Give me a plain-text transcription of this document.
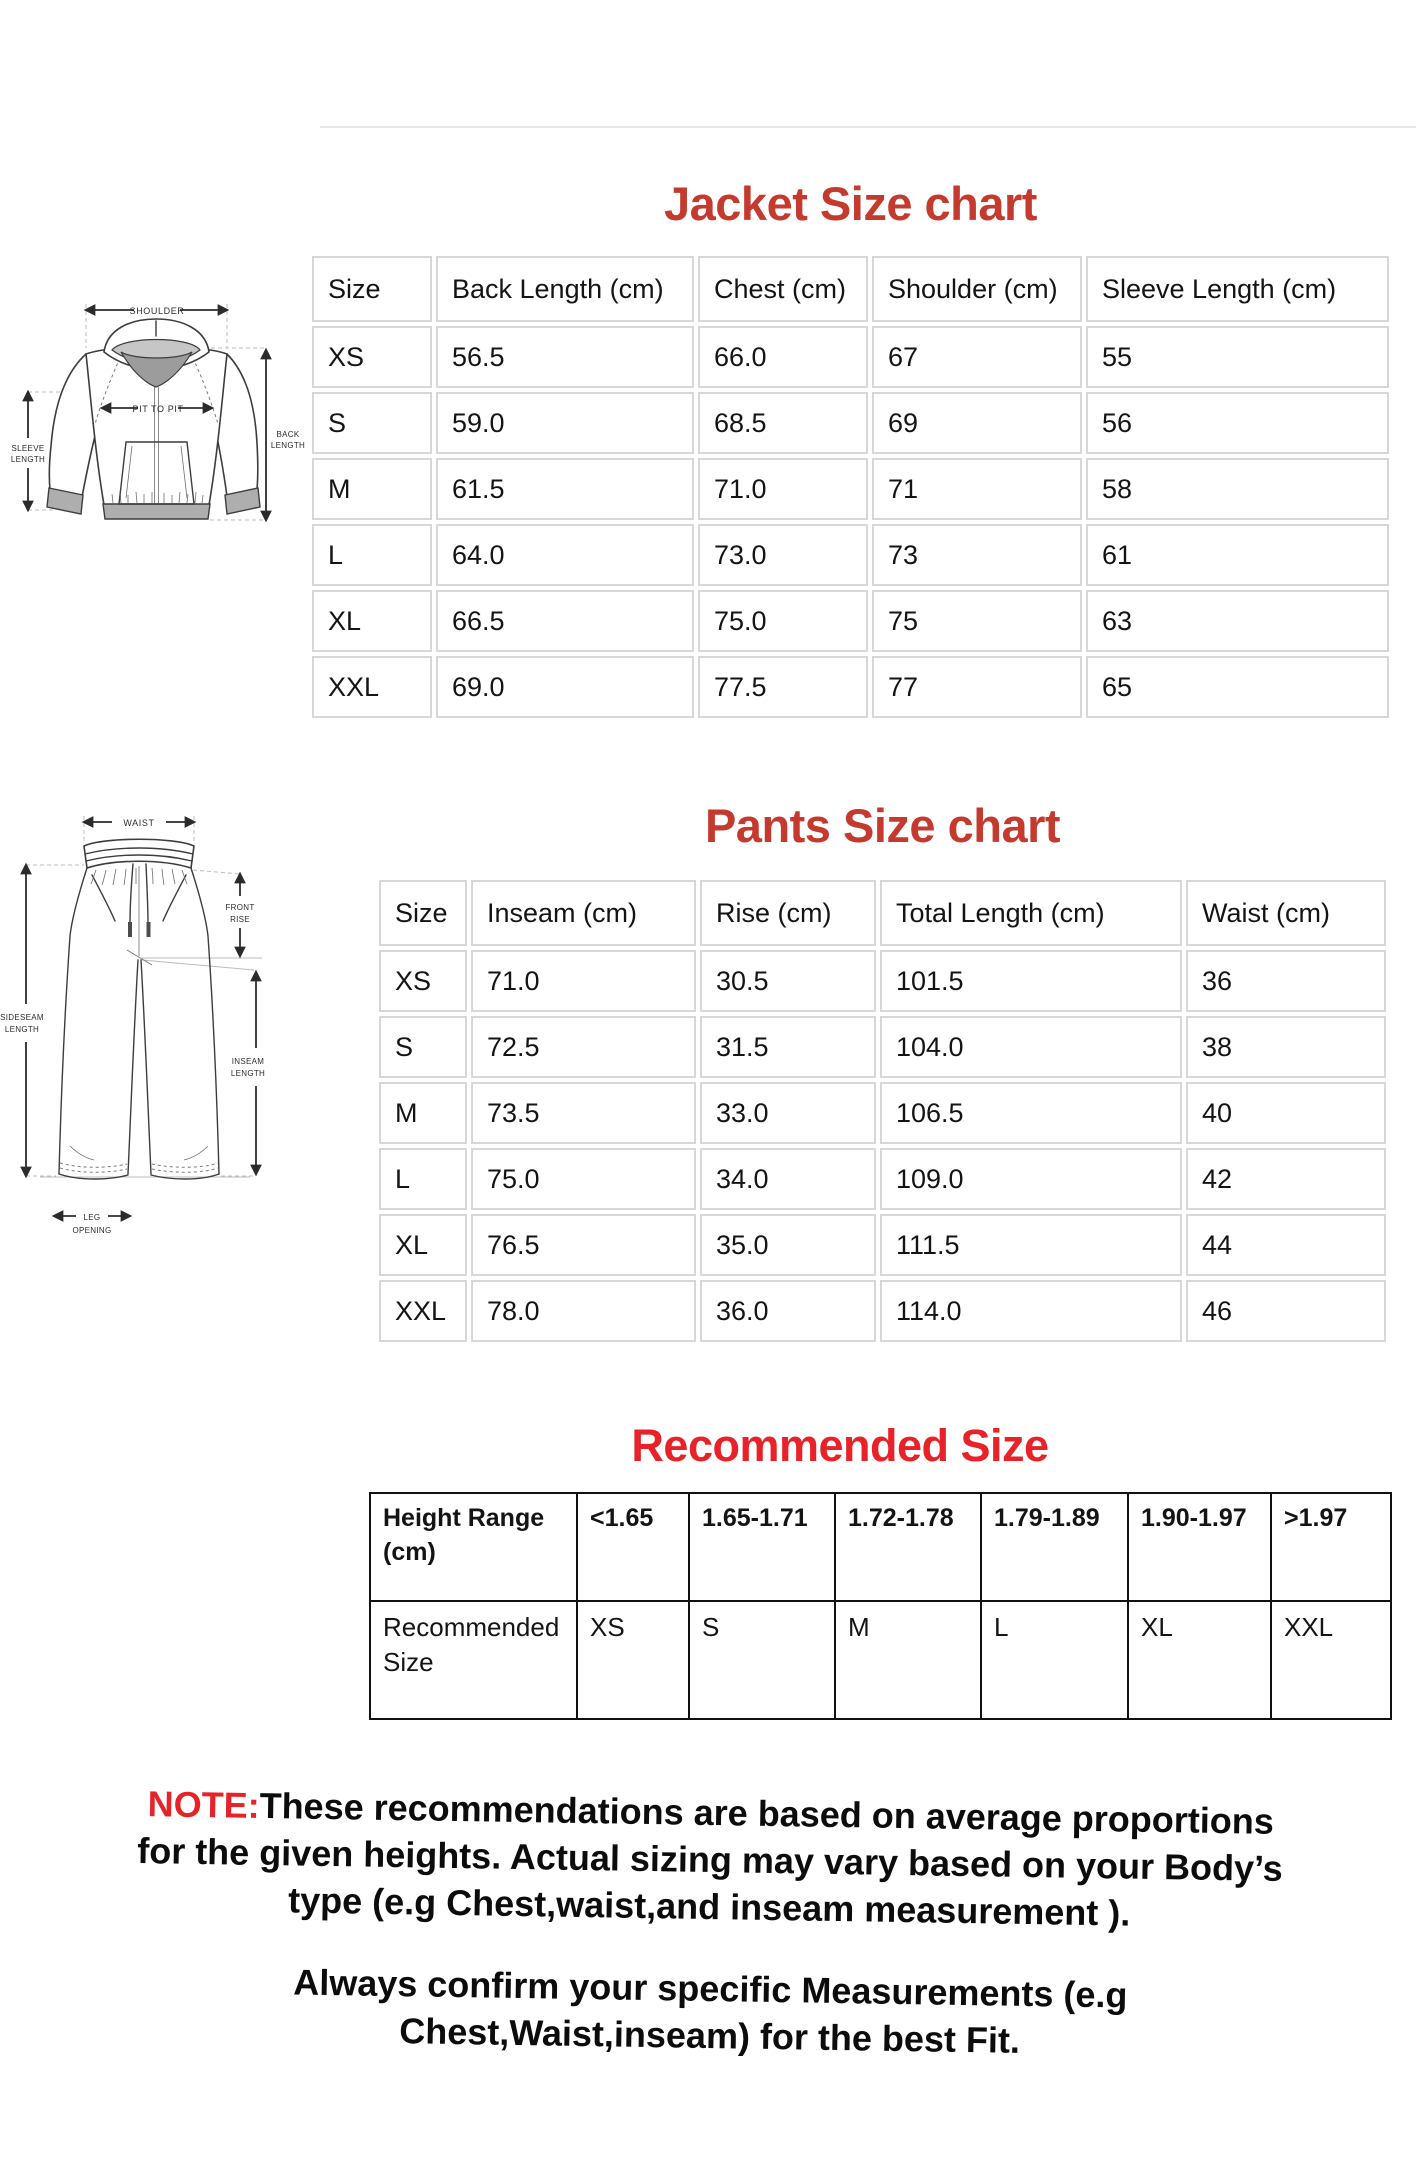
Jacket Size chart
SHOULDER
PIT TO PIT
SLEEVE
LENGTH
BACK
LENGTH
Size	Back Length (cm)	Chest (cm)	Shoulder (cm)	Sleeve Length (cm)
XS	56.5	66.0	67	55
S	59.0	68.5	69	56
M	61.5	71.0	71	58
L	64.0	73.0	73	61
XL	66.5	75.0	75	63
XXL	69.0	77.5	77	65
Pants Size chart
WAIST
SIDESEAM
LENGTH
FRONT
RISE
INSEAM
LENGTH
LEG
OPENING
Size	Inseam (cm)	Rise (cm)	Total Length (cm)	Waist (cm)
XS	71.0	30.5	101.5	36
S	72.5	31.5	104.0	38
M	73.5	33.0	106.5	40
L	75.0	34.0	109.0	42
XL	76.5	35.0	111.5	44
XXL	78.0	36.0	114.0	46
Recommended Size
Height Range (cm)	<1.65	1.65-1.71	1.72-1.78	1.79-1.89	1.90-1.97	>1.97
Recommended Size	XS	S	M	L	XL	XXL
NOTE:These recommendations are based on average proportions
for the given heights. Actual sizing may vary based on your Body’s
type (e.g Chest,waist,and inseam measurement ).
Always confirm your specific Measurements (e.g
Chest,Waist,inseam) for the best Fit.
